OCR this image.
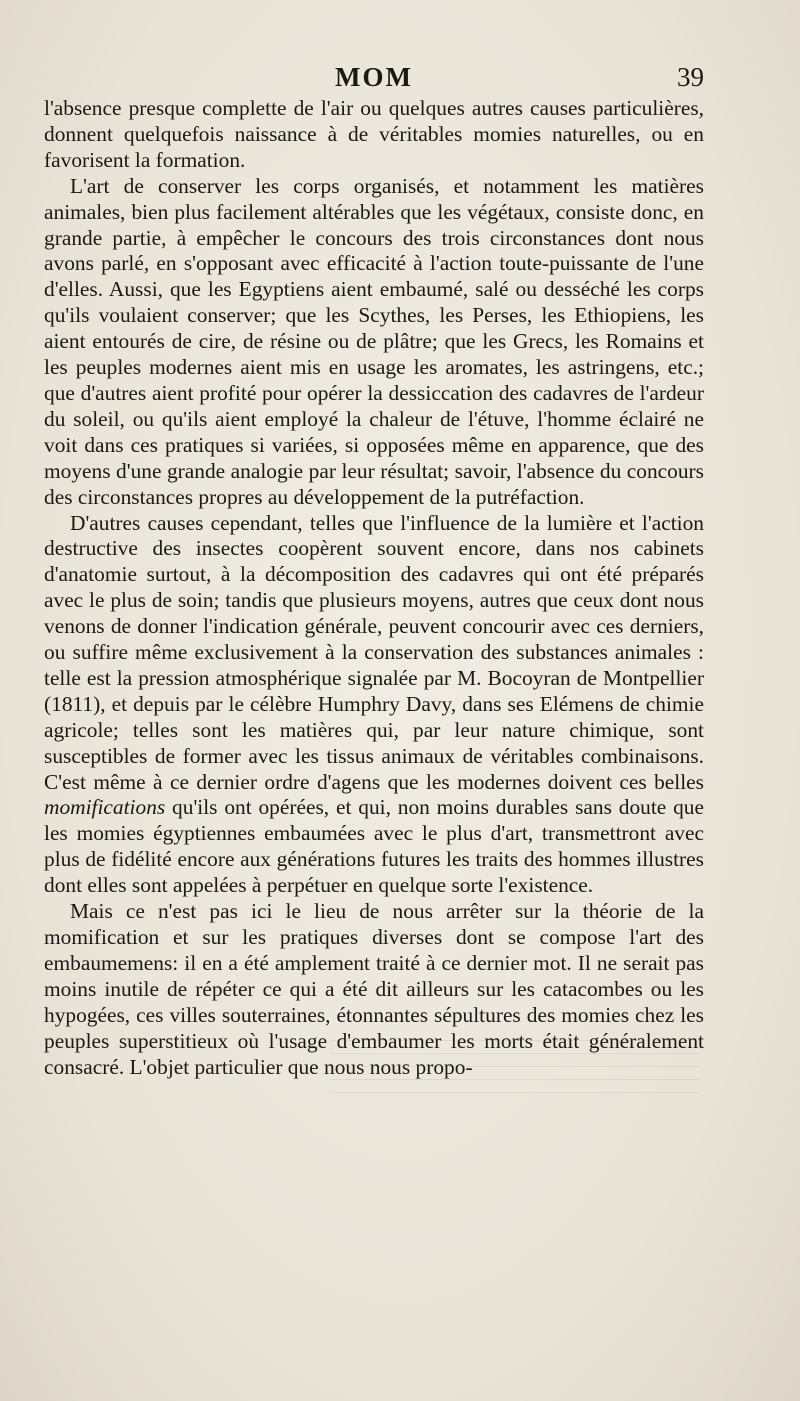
MOM	39

l'absence presque complette de l'air ou quelques autres causes particulières, donnent quelquefois naissance à de véritables momies naturelles, ou en favorisent la formation.

L'art de conserver les corps organisés, et notamment les matières animales, bien plus facilement altérables que les végétaux, consiste donc, en grande partie, à empêcher le concours des trois circonstances dont nous avons parlé, en s'opposant avec efficacité à l'action toute-puissante de l'une d'elles. Aussi, que les Egyptiens aient embaumé, salé ou desséché les corps qu'ils voulaient conserver; que les Scythes, les Perses, les Ethiopiens, les aient entourés de cire, de résine ou de plâtre; que les Grecs, les Romains et les peuples modernes aient mis en usage les aromates, les astringens, etc.; que d'autres aient profité pour opérer la dessiccation des cadavres de l'ardeur du soleil, ou qu'ils aient employé la chaleur de l'étuve, l'homme éclairé ne voit dans ces pratiques si variées, si opposées même en apparence, que des moyens d'une grande analogie par leur résultat; savoir, l'absence du concours des circonstances propres au développement de la putréfaction.

D'autres causes cependant, telles que l'influence de la lumière et l'action destructive des insectes coopèrent souvent encore, dans nos cabinets d'anatomie surtout, à la décomposition des cadavres qui ont été préparés avec le plus de soin; tandis que plusieurs moyens, autres que ceux dont nous venons de donner l'indication générale, peuvent concourir avec ces derniers, ou suffire même exclusivement à la conservation des substances animales : telle est la pression atmosphérique signalée par M. Bocoyran de Montpellier (1811), et depuis par le célèbre Humphry Davy, dans ses Elémens de chimie agricole; telles sont les matières qui, par leur nature chimique, sont susceptibles de former avec les tissus animaux de véritables combinaisons. C'est même à ce dernier ordre d'agens que les modernes doivent ces belles momifications qu'ils ont opérées, et qui, non moins durables sans doute que les momies égyptiennes embaumées avec le plus d'art, transmettront avec plus de fidélité encore aux générations futures les traits des hommes illustres dont elles sont appelées à perpétuer en quelque sorte l'existence.

Mais ce n'est pas ici le lieu de nous arrêter sur la théorie de la momification et sur les pratiques diverses dont se compose l'art des embaumemens: il en a été amplement traité à ce dernier mot. Il ne serait pas moins inutile de répéter ce qui a été dit ailleurs sur les catacombes ou les hypogées, ces villes souterraines, étonnantes sépultures des momies chez les peuples superstitieux où l'usage d'embaumer les morts était généralement consacré. L'objet particulier que nous nous propo-
